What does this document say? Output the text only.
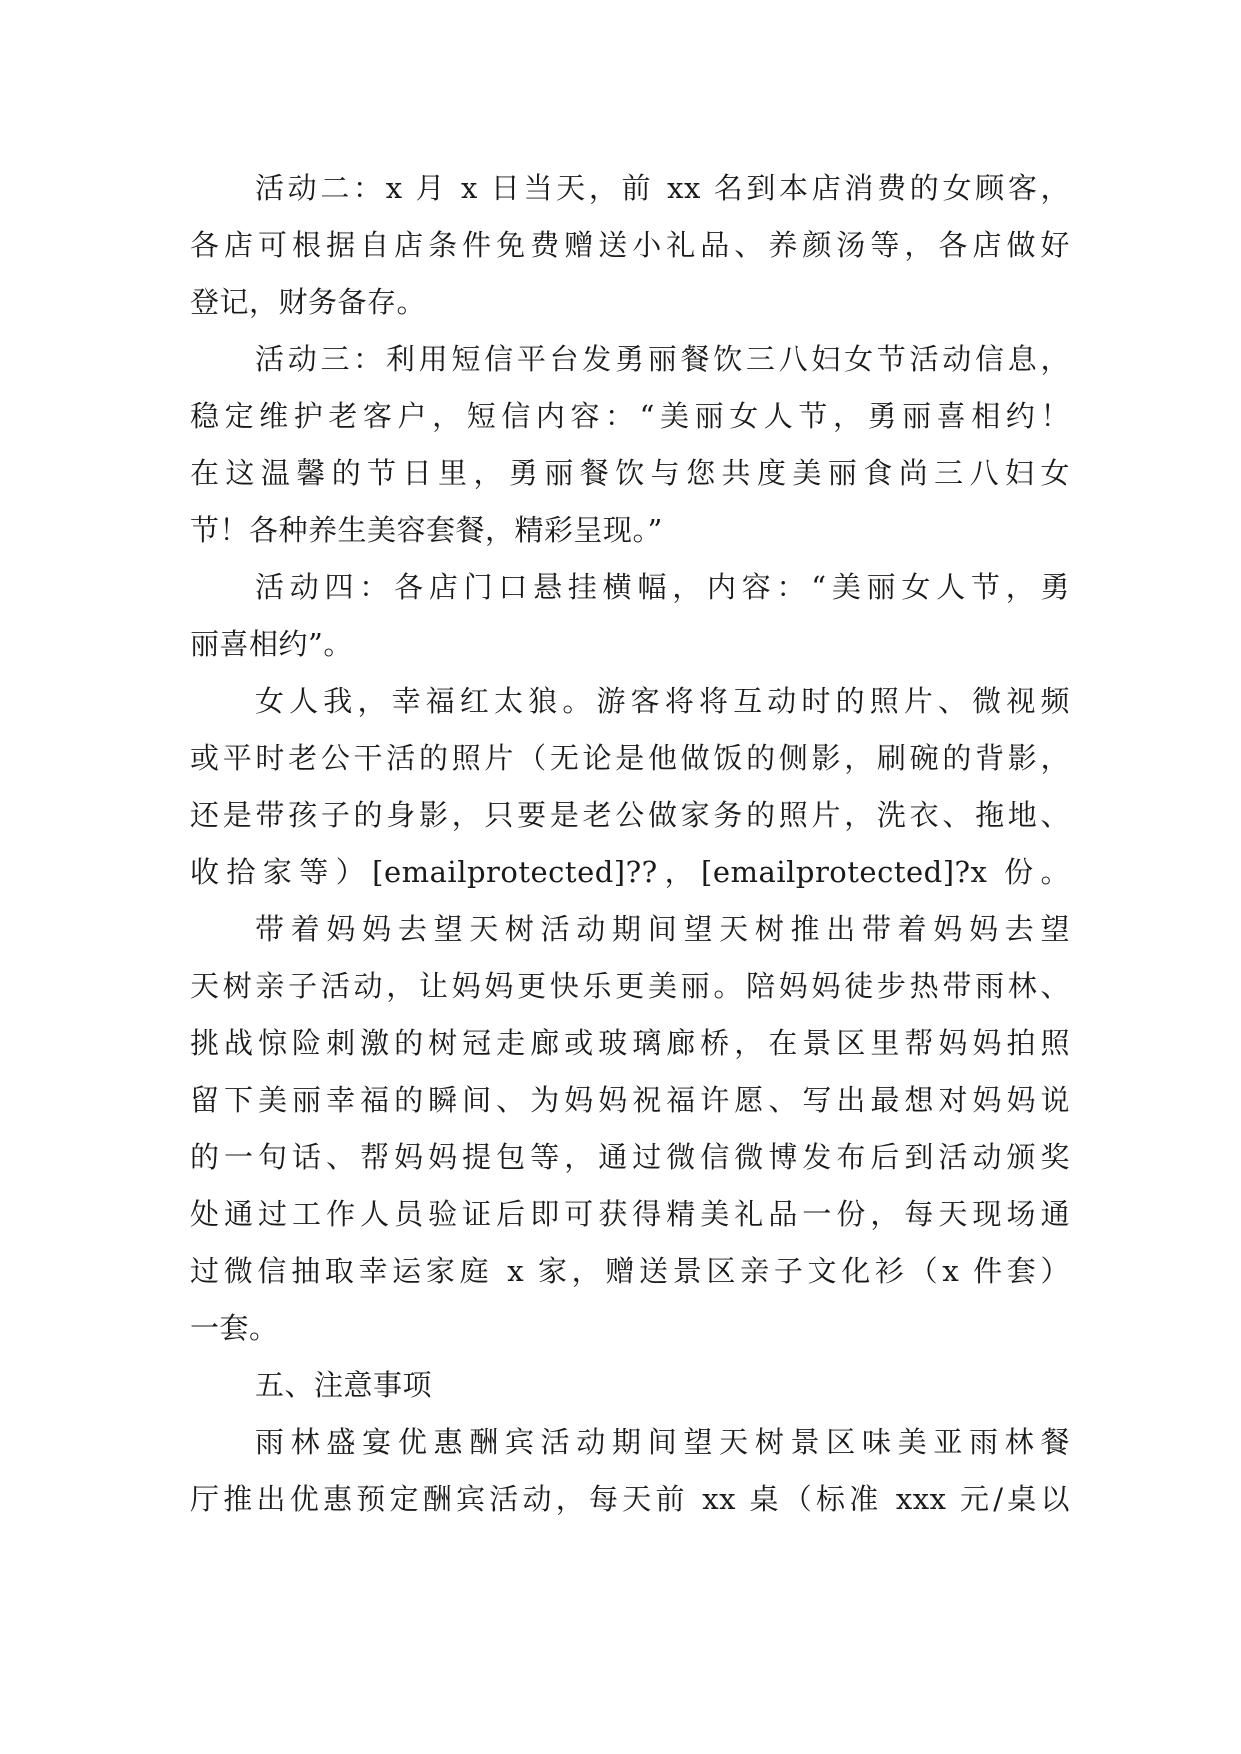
活动二：x 月 x 日当天，前 xx 名到本店消费的女顾客，
各店可根据自店条件免费赠送小礼品、养颜汤等，各店做好
登记，财务备存。
活动三：利用短信平台发勇丽餐饮三八妇女节活动信息，
稳定维护老客户，短信内容：“美丽女人节，勇丽喜相约！
在这温馨的节日里，勇丽餐饮与您共度美丽食尚三八妇女
节！各种养生美容套餐，精彩呈现。”
活动四：各店门口悬挂横幅，内容：“美丽女人节，勇
丽喜相约”。
女人我，幸福红太狼。游客将将互动时的照片、微视频
或平时老公干活的照片（无论是他做饭的侧影，刷碗的背影，
还是带孩子的身影，只要是老公做家务的照片，洗衣、拖地、
收拾家等）[emailprotected]??，[emailprotected]?x 份。
带着妈妈去望天树活动期间望天树推出带着妈妈去望
天树亲子活动，让妈妈更快乐更美丽。陪妈妈徒步热带雨林、
挑战惊险刺激的树冠走廊或玻璃廊桥，在景区里帮妈妈拍照
留下美丽幸福的瞬间、为妈妈祝福许愿、写出最想对妈妈说
的一句话、帮妈妈提包等，通过微信微博发布后到活动颁奖
处通过工作人员验证后即可获得精美礼品一份，每天现场通
过微信抽取幸运家庭 x 家，赠送景区亲子文化衫（x 件套）
一套。
五、注意事项
雨林盛宴优惠酬宾活动期间望天树景区味美亚雨林餐
厅推出优惠预定酬宾活动，每天前 xx 桌（标准 xxx 元/桌以
